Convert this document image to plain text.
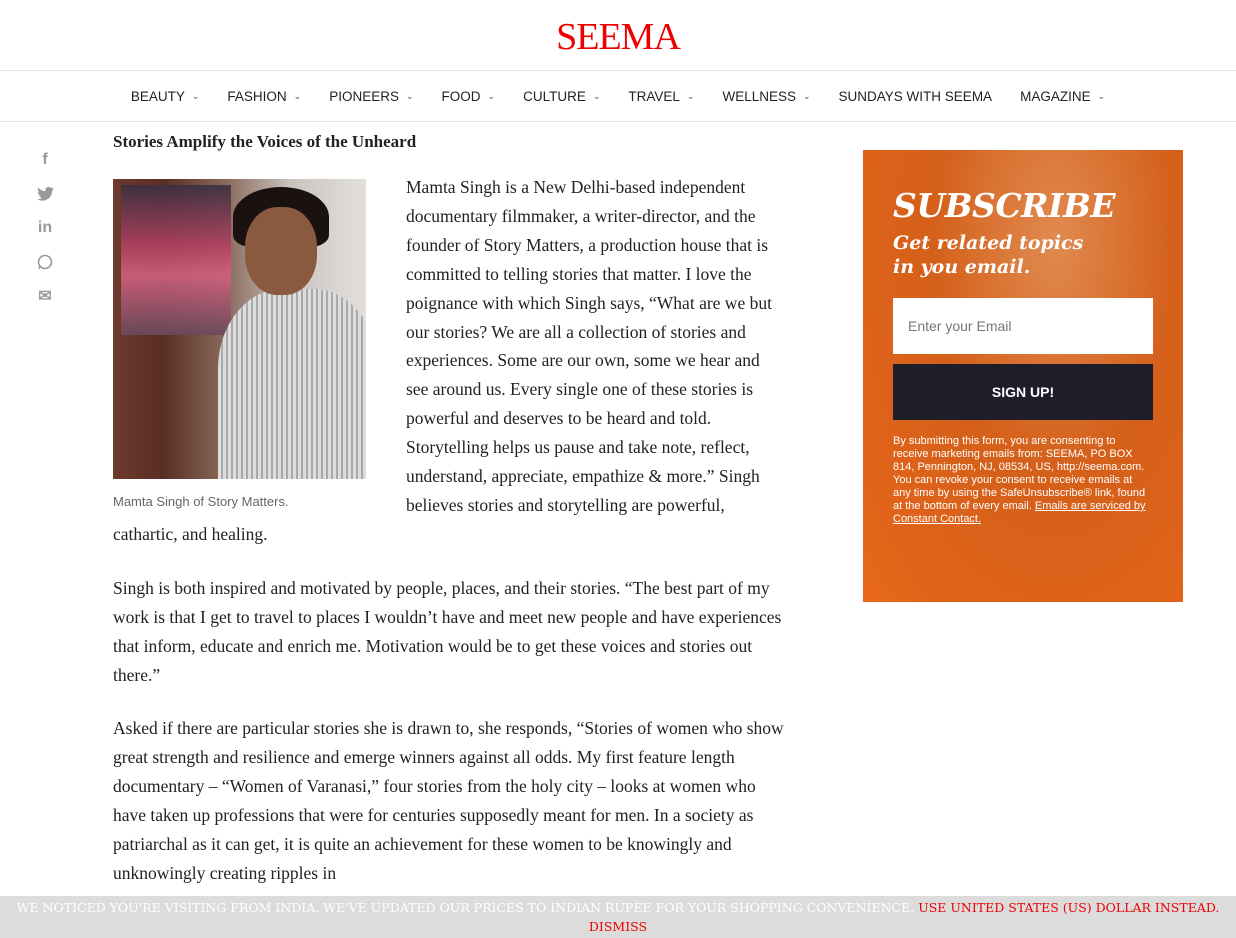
SEEMA
BEAUTY ⌄ FASHION ⌄ PIONEERS ⌄ FOOD ⌄ CULTURE ⌄ TRAVEL ⌄ WELLNESS ⌄ SUNDAYS WITH SEEMA MAGAZINE ⌄
f
in
✉
Stories Amplify the Voices of the Unheard
Mamta Singh of Story Matters.

Mamta Singh is a New Delhi-based independent documentary filmmaker, a writer-director, and the founder of Story Matters, a production house that is committed to telling stories that matter. I love the poignance with which Singh says, “What are we but our stories? We are all a collection of stories and experiences. Some are our own, some we hear and see around us. Every single one of these stories is powerful and deserves to be heard and told. Storytelling helps us pause and take note, reflect, understand, appreciate, empathize & more.” Singh believes stories and storytelling are powerful, cathartic, and healing.

Singh is both inspired and motivated by people, places, and their stories. “The best part of my work is that I get to travel to places I wouldn’t have and meet new people and have experiences that inform, educate and enrich me. Motivation would be to get these voices and stories out there.”

Asked if there are particular stories she is drawn to, she responds, “Stories of women who show great strength and resilience and emerge winners against all odds. My first feature length documentary – “Women of Varanasi,” four stories from the holy city – looks at women who have taken up professions that were for centuries supposedly meant for men. In a society as patriarchal as it can get, it is quite an achievement for these women to be knowingly and unknowingly creating ripples in

SUBSCRIBE
Get related topics
in you email.
Enter your Email
SIGN UP!
By submitting this form, you are consenting to receive marketing emails from: SEEMA, PO BOX 814, Pennington, NJ, 08534, US, http://seema.com. You can revoke your consent to receive emails at any time by using the SafeUnsubscribe® link, found at the bottom of every email. Emails are serviced by Constant Contact.
WE NOTICED YOU'RE VISITING FROM INDIA. WE'VE UPDATED OUR PRICES TO INDIAN RUPEE FOR YOUR SHOPPING CONVENIENCE. USE UNITED STATES (US) DOLLAR INSTEAD.
DISMISS
